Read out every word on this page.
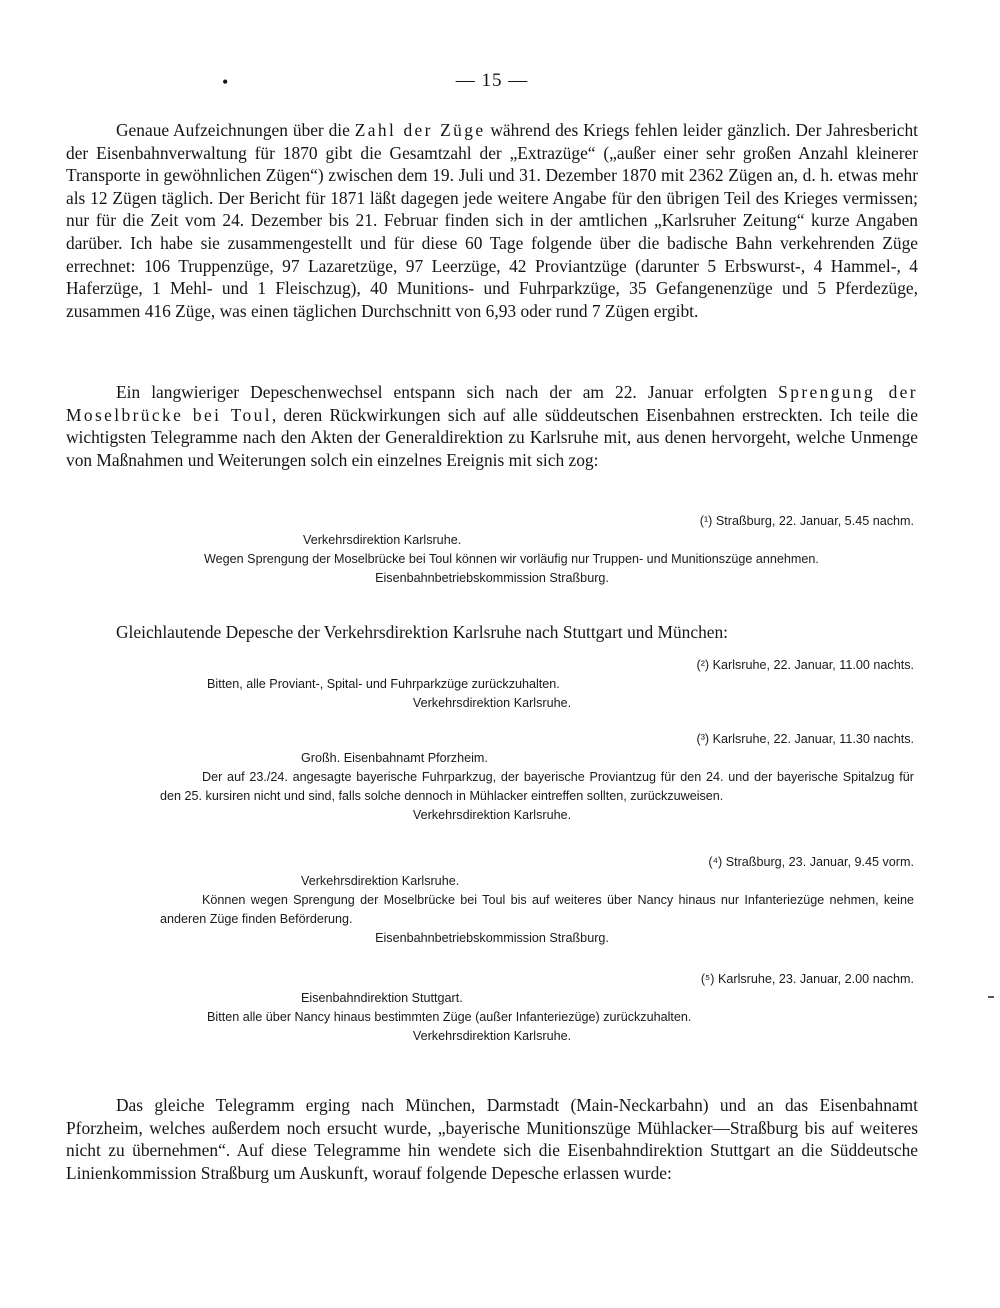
•	— 15 —

Genaue Aufzeichnungen über die Zahl der Züge während des Kriegs fehlen leider gänzlich. Der Jahresbericht der Eisenbahnverwaltung für 1870 gibt die Gesamtzahl der „Extrazüge“ („außer einer sehr großen Anzahl kleinerer Transporte in gewöhnlichen Zügen“) zwischen dem 19. Juli und 31. Dezember 1870 mit 2362 Zügen an, d. h. etwas mehr als 12 Zügen täglich. Der Bericht für 1871 läßt dagegen jede weitere Angabe für den übrigen Teil des Krieges vermissen; nur für die Zeit vom 24. Dezember bis 21. Februar finden sich in der amtlichen „Karlsruher Zeitung“ kurze Angaben darüber. Ich habe sie zusammengestellt und für diese 60 Tage folgende über die badische Bahn verkehrenden Züge errechnet: 106 Truppenzüge, 97 Lazaretzüge, 97 Leerzüge, 42 Proviantzüge (darunter 5 Erbswurst-, 4 Hammel-, 4 Haferzüge, 1 Mehl- und 1 Fleischzug), 40 Munitions- und Fuhrparkzüge, 35 Gefangenenzüge und 5 Pferdezüge, zusammen 416 Züge, was einen täglichen Durchschnitt von 6,93 oder rund 7 Zügen ergibt.

Ein langwieriger Depeschenwechsel entspann sich nach der am 22. Januar erfolgten Sprengung der Moselbrücke bei Toul, deren Rückwirkungen sich auf alle süddeutschen Eisenbahnen erstreckten. Ich teile die wichtigsten Telegramme nach den Akten der Generaldirektion zu Karlsruhe mit, aus denen hervorgeht, welche Unmenge von Maßnahmen und Weiterungen solch ein einzelnes Ereignis mit sich zog:

(¹) Straßburg, 22. Januar, 5.45 nachm.
Verkehrsdirektion Karlsruhe.

Wegen Sprengung der Moselbrücke bei Toul können wir vorläufig nur Truppen- und Munitionszüge annehmen.

Eisenbahnbetriebskommission Straßburg.

Gleichlautende Depesche der Verkehrsdirektion Karlsruhe nach Stuttgart und München:

(²) Karlsruhe, 22. Januar, 11.00 nachts.
Bitten, alle Proviant-, Spital- und Fuhrparkzüge zurückzuhalten.
Verkehrsdirektion Karlsruhe.
(³) Karlsruhe, 22. Januar, 11.30 nachts.
Großh. Eisenbahnamt Pforzheim.

Der auf 23./24. angesagte bayerische Fuhrparkzug, der bayerische Proviantzug für den 24. und der bayerische Spitalzug für den 25. kursiren nicht und sind, falls solche dennoch in Mühlacker eintreffen sollten, zurückzuweisen.

Verkehrsdirektion Karlsruhe.
(⁴) Straßburg, 23. Januar, 9.45 vorm.
Verkehrsdirektion Karlsruhe.

Können wegen Sprengung der Moselbrücke bei Toul bis auf weiteres über Nancy hinaus nur Infanteriezüge nehmen, keine anderen Züge finden Beförderung.

Eisenbahnbetriebskommission Straßburg.
(⁵) Karlsruhe, 23. Januar, 2.00 nachm.
Eisenbahndirektion Stuttgart.
Bitten alle über Nancy hinaus bestimmten Züge (außer Infanteriezüge) zurückzuhalten.
Verkehrsdirektion Karlsruhe.

Das gleiche Telegramm erging nach München, Darmstadt (Main-Neckarbahn) und an das Eisenbahnamt Pforzheim, welches außerdem noch ersucht wurde, „bayerische Munitionszüge Mühlacker—Straßburg bis auf weiteres nicht zu übernehmen“. Auf diese Telegramme hin wendete sich die Eisenbahndirektion Stuttgart an die Süddeutsche Linienkommission Straßburg um Auskunft, worauf folgende Depesche erlassen wurde:
